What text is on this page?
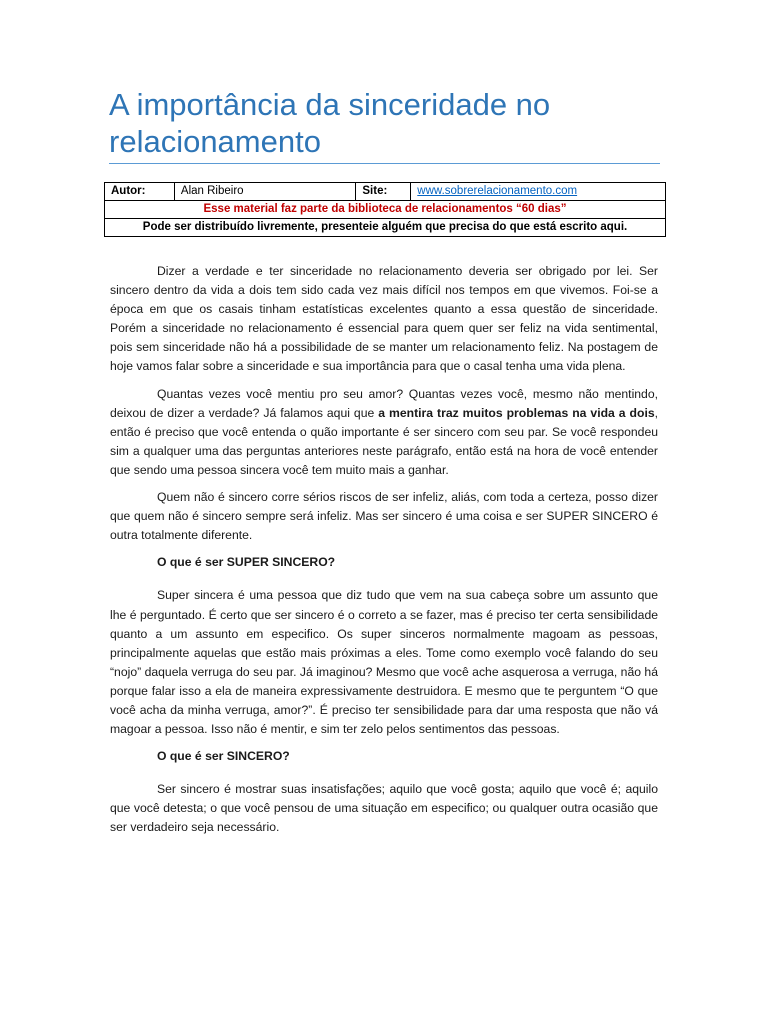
A importância da sinceridade no relacionamento
Autor:	Alan Ribeiro	Site:	www.sobrerelacionamento.com
Esse material faz parte da biblioteca de relacionamentos “60 dias”
Pode ser distribuído livremente, presenteie alguém que precisa do que está escrito aqui.

Dizer a verdade e ter sinceridade no relacionamento deveria ser obrigado por lei. Ser sincero dentro da vida a dois tem sido cada vez mais difícil nos tempos em que vivemos. Foi-se a época em que os casais tinham estatísticas excelentes quanto a essa questão de sinceridade. Porém a sinceridade no relacionamento é essencial para quem quer ser feliz na vida sentimental, pois sem sinceridade não há a possibilidade de se manter um relacionamento feliz. Na postagem de hoje vamos falar sobre a sinceridade e sua importância para que o casal tenha uma vida plena.

Quantas vezes você mentiu pro seu amor? Quantas vezes você, mesmo não mentindo, deixou de dizer a verdade? Já falamos aqui que a mentira traz muitos problemas na vida a dois, então é preciso que você entenda o quão importante é ser sincero com seu par. Se você respondeu sim a qualquer uma das perguntas anteriores neste parágrafo, então está na hora de você entender que sendo uma pessoa sincera você tem muito mais a ganhar.

Quem não é sincero corre sérios riscos de ser infeliz, aliás, com toda a certeza, posso dizer que quem não é sincero sempre será infeliz. Mas ser sincero é uma coisa e ser SUPER SINCERO é outra totalmente diferente.

O que é ser SUPER SINCERO?

Super sincera é uma pessoa que diz tudo que vem na sua cabeça sobre um assunto que lhe é perguntado. É certo que ser sincero é o correto a se fazer, mas é preciso ter certa sensibilidade quanto a um assunto em especifico. Os super sinceros normalmente magoam as pessoas, principalmente aquelas que estão mais próximas a eles. Tome como exemplo você falando do seu “nojo” daquela verruga do seu par. Já imaginou? Mesmo que você ache asquerosa a verruga, não há porque falar isso a ela de maneira expressivamente destruidora. E mesmo que te perguntem “O que você acha da minha verruga, amor?”. É preciso ter sensibilidade para dar uma resposta que não vá magoar a pessoa. Isso não é mentir, e sim ter zelo pelos sentimentos das pessoas.

O que é ser SINCERO?

Ser sincero é mostrar suas insatisfações; aquilo que você gosta; aquilo que você é; aquilo que você detesta; o que você pensou de uma situação em especifico; ou qualquer outra ocasião que ser verdadeiro seja necessário.
